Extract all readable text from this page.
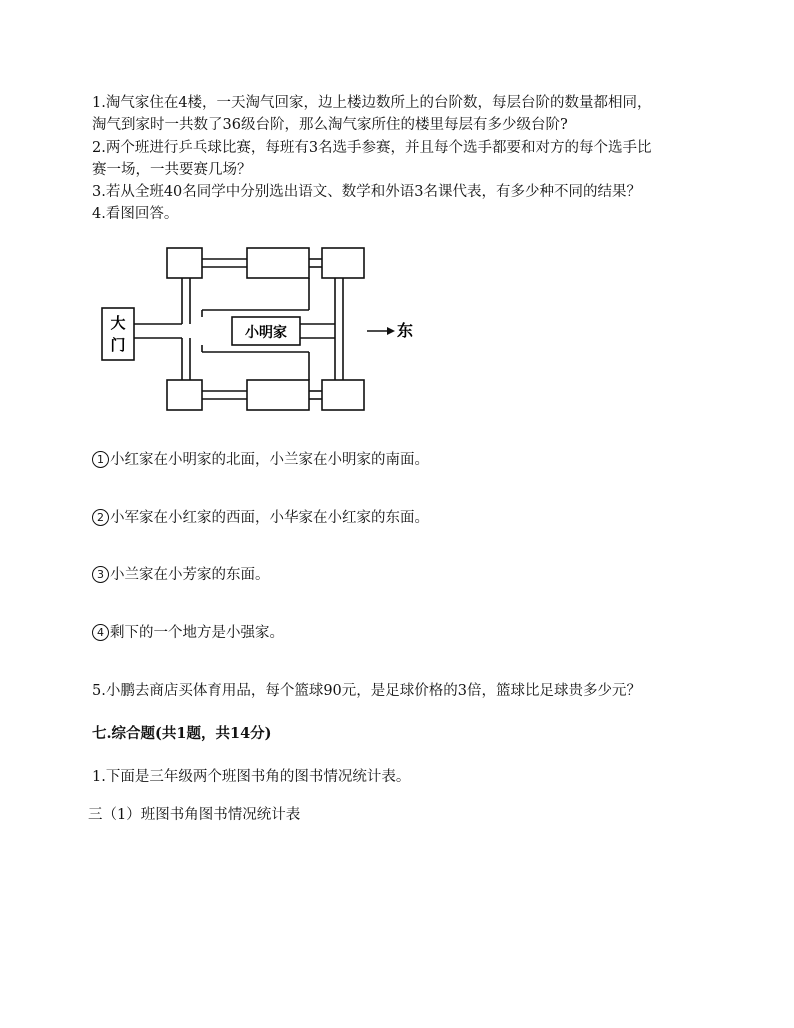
1.淘气家住在4楼，一天淘气回家，边上楼边数所上的台阶数，每层台阶的数量都相同，
淘气到家时一共数了36级台阶，那么淘气家所住的楼里每层有多少级台阶?
2.两个班进行乒乓球比赛，每班有3名选手参赛，并且每个选手都要和对方的每个选手比
赛一场，一共要赛几场？
3.若从全班40名同学中分别选出语文、数学和外语3名课代表，有多少种不同的结果？
4.看图回答。
大
门
小明家	东
1 小红家在小明家的北面，小兰家在小明家的南面。
2 小军家在小红家的西面，小华家在小红家的东面。
3 小兰家在小芳家的东面。
4 剩下的一个地方是小强家。
5.小鹏去商店买体育用品，每个篮球90元，是足球价格的3倍，篮球比足球贵多少元？
七.综合题(共1题，共14分)
1.下面是三年级两个班图书角的图书情况统计表。
三（1）班图书角图书情况统计表
